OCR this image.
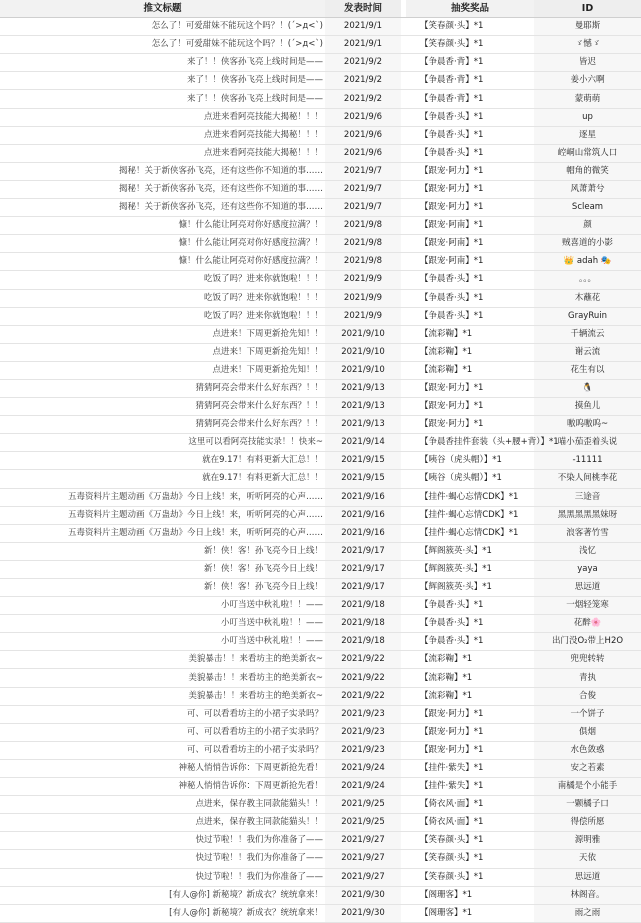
推文标题	发表时间		抽奖奖品	ID
怎么了！可爱甜妹不能玩这个吗？！(ˊ>д<ˋ)	2021/9/1		【笑春颜·头】*1	曼耶斯
怎么了！可爱甜妹不能玩这个吗？！(ˊ>д<ˋ)	2021/9/1		【笑春颜·头】*1	ゞ憾ゞ
来了！！侠客孙飞亮上线时间是——	2021/9/2		【争晨香·背】*1	皆迟
来了！！侠客孙飞亮上线时间是——	2021/9/2		【争晨香·背】*1	姜小六啊
来了！！侠客孙飞亮上线时间是——	2021/9/2		【争晨香·背】*1	蒙萌萌
点进来看阿亮技能大揭秘！！！	2021/9/6		【争晨香·头】*1	up
点进来看阿亮技能大揭秘！！！	2021/9/6		【争晨香·头】*1	逐星
点进来看阿亮技能大揭秘！！！	2021/9/6		【争晨香·头】*1	崆峒山常筑人口
揭秘！关于新侠客孙飞亮，还有这些你不知道的事……	2021/9/7		【跟宠·阿力】*1	帽角的微笑
揭秘！关于新侠客孙飞亮，还有这些你不知道的事……	2021/9/7		【跟宠·阿力】*1	风萧萧兮
揭秘！关于新侠客孙飞亮，还有这些你不知道的事……	2021/9/7		【跟宠·阿力】*1	Scleam
慷！什么能让阿亮对你好感度拉满？！	2021/9/8		【跟宠·阿南】*1	颜
慷！什么能让阿亮对你好感度拉满？！	2021/9/8		【跟宠·阿南】*1	贼喜道的小影
慷！什么能让阿亮对你好感度拉满？！	2021/9/8		【跟宠·阿南】*1	👑 adah 🎭
吃饭了吗？进来你就饱啦！！！	2021/9/9		【争晨香·头】*1	。。。
吃饭了吗？进来你就饱啦！！！	2021/9/9		【争晨香·头】*1	木蘸花
吃饭了吗？进来你就饱啦！！！	2021/9/9		【争晨香·头】*1	GrayRuin
点进来！下周更新抢先知！！	2021/9/10		【流彩鞠】*1	千辆流云
点进来！下周更新抢先知！！	2021/9/10		【流彩鞠】*1	谢云流
点进来！下周更新抢先知！！	2021/9/10		【流彩鞠】*1	花生有以
猜猜阿亮会带来什么好东西？！！	2021/9/13		【跟宠·阿力】*1	🐧
猜猜阿亮会带来什么好东西？！！	2021/9/13		【跟宠·阿力】*1	摸鱼儿
猜猜阿亮会带来什么好东西？！！	2021/9/13		【跟宠·阿力】*1	嗷呜嗷呜~
这里可以看阿亮技能实录！！快来~	2021/9/14		【争晨香挂件套装（头+腰+背）】*1	喵小茄歪着头说
就在9.17！有料更新大汇总！！	2021/9/15		【咦谷（虎头帽）】*1	-11111
就在9.17！有料更新大汇总！！	2021/9/15		【咦谷（虎头帽）】*1	不染人间桃李花
五毒资料片主题动画《万蛊劫》今日上线！来，听听阿亮的心声……	2021/9/16		【挂件·蝎心忘情CDK】*1	三途音
五毒资料片主题动画《万蛊劫》今日上线！来，听听阿亮的心声……	2021/9/16		【挂件·蝎心忘情CDK】*1	黑黑黑黑黑妹呀
五毒资料片主题动画《万蛊劫》今日上线！来，听听阿亮的心声……	2021/9/16		【挂件·蝎心忘情CDK】*1	浪客著竹雪
新！侠！客！孙飞亮今日上线！	2021/9/17		【辉阁簇英·头】*1	浅忆
新！侠！客！孙飞亮今日上线！	2021/9/17		【辉阁簇英·头】*1	yaya
新！侠！客！孙飞亮今日上线！	2021/9/17		【辉阁簇英·头】*1	思远道
小叮当送中秋礼啦！！——	2021/9/18		【争晨香·头】*1	一烟轻笼寒
小叮当送中秋礼啦！！——	2021/9/18		【争晨香·头】*1	花醉🌸
小叮当送中秋礼啦！！——	2021/9/18		【争晨香·头】*1	出门没O₂带上H2O
美貌暴击！！来看坊主的绝美新衣~	2021/9/22		【流彩鞠】*1	兜兜转转
美貌暴击！！来看坊主的绝美新衣~	2021/9/22		【流彩鞠】*1	青执
美貌暴击！！来看坊主的绝美新衣~	2021/9/22		【流彩鞠】*1	合俊
可、可以看看坊主的小裙子实录吗？	2021/9/23		【跟宠·阿力】*1	一个饼子
可、可以看看坊主的小裙子实录吗？	2021/9/23		【跟宠·阿力】*1	俱烟
可、可以看看坊主的小裙子实录吗？	2021/9/23		【跟宠·阿力】*1	水色敛惑
神秘人悄悄告诉你：下周更新抢先看！	2021/9/24		【挂件·紫失】*1	安之若素
神秘人悄悄告诉你：下周更新抢先看！	2021/9/24		【挂件·紫失】*1	南橘是个小能手
点进来，保存教主同款能猫头！！	2021/9/25		【倚衣风·面】*1	一颗橘子口
点进来，保存教主同款能猫头！！	2021/9/25		【倚衣风·面】*1	得偿所愿
快过节啦！！我们为你准备了——	2021/9/27		【笑春颜·头】*1	源明雅
快过节啦！！我们为你准备了——	2021/9/27		【笑春颜·头】*1	天依
快过节啦！！我们为你准备了——	2021/9/27		【笑春颜·头】*1	思远道
[有人@你] 新秘境？新成衣？统统拿来！	2021/9/30		【阁珊客】*1	林阁音。
[有人@你] 新秘境？新成衣？统统拿来！	2021/9/30		【阁珊客】*1	雨之雨
